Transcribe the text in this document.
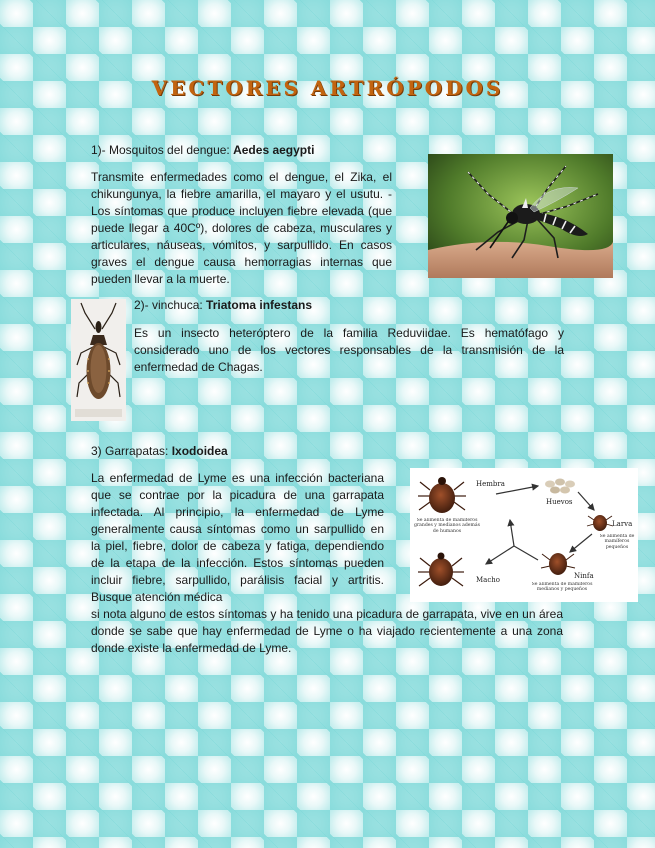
VECTORES ARTRÓPODOS

1)- Mosquitos del dengue: Aedes aegypti

Transmite enfermedades como el dengue, el Zika, el chikungunya, la fiebre amarilla, el mayaro y el usutu. -Los síntomas que produce incluyen fiebre elevada (que puede llegar a 40Cº), dolores de cabeza, musculares y articulares, náuseas, vómitos, y sarpullido. En casos graves el dengue causa hemorragias internas que pueden llevar a la muerte.

2)- vinchuca: Triatoma infestans

Es un insecto heteróptero de la familia Reduviidae. Es hematófago y considerado uno de los vectores responsables de la transmisión de la enfermedad de Chagas.

3) Garrapatas: Ixodoidea

La enfermedad de Lyme es una infección bacteriana que se contrae por la picadura de una garrapata infectada. Al principio, la enfermedad de Lyme generalmente causa síntomas como un sarpullido en la piel, fiebre, dolor de cabeza y fatiga, dependiendo de la etapa de la infección. Estos síntomas pueden incluir fiebre, sarpullido, parálisis facial y artritis. Busque atención médica

si nota alguno de estos síntomas y ha tenido una picadura de garrapata, vive en un área donde se sabe que hay enfermedad de Lyme o ha viajado recientemente a una zona donde existe la enfermedad de Lyme.

Hembra
Huevos
Larva
Ninfa
Macho
Se alimenta de mamíferos grandes y medianos además de humanos
Se alimenta de mamíferos pequeños
Se alimenta de mamíferos medianos y pequeños
